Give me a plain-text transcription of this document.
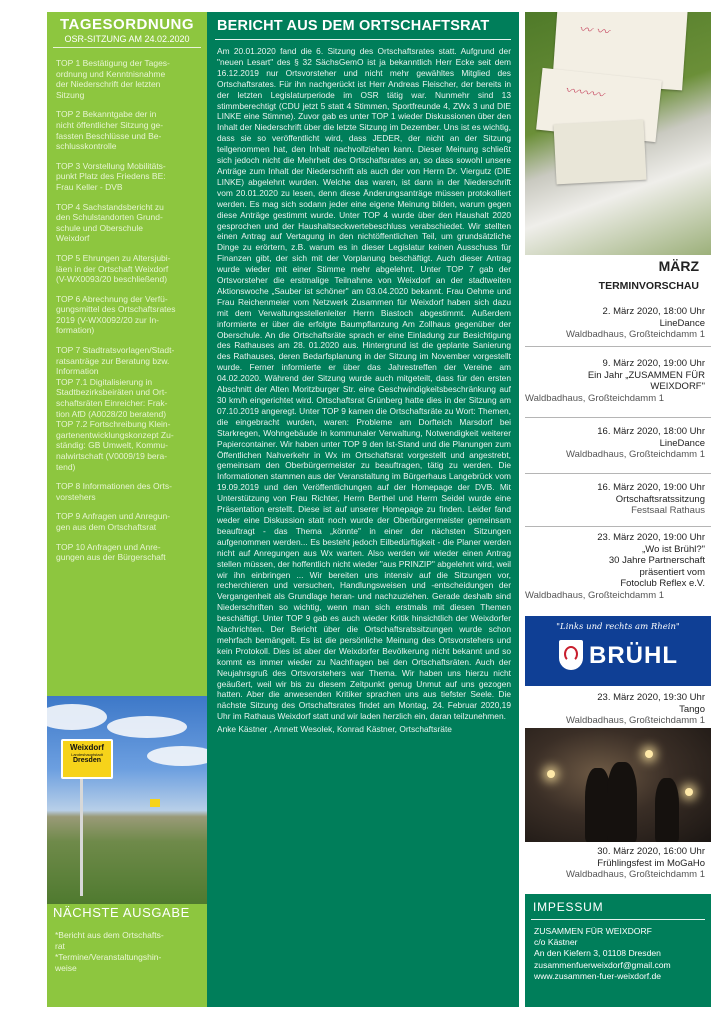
TAGESORDNUNG
OSR-SITZUNG AM 24.02.2020
TOP 1 Bestätigung der Tages-
ordnung und Kenntnisnahme
der Niederschrift der letzten
Sitzung
TOP 2 Bekanntgabe der in
nicht öffentlicher Sitzung ge-
fassten Beschlüsse und Be-
schlusskontrolle
TOP 3 Vorstellung Mobilitäts-
punkt Platz des Friedens BE:
Frau Keller - DVB
TOP 4 Sachstandsbericht zu
den Schulstandorten Grund-
schule und Oberschule
Weixdorf
TOP 5 Ehrungen zu Altersjubi-
läen in der Ortschaft Weixdorf
(V-WX0093/20 beschließend)
TOP 6 Abrechnung der Verfü-
gungsmittel des Ortschaftsrates
2019 (V-WX0092/20 zur In-
formation)
TOP 7 Stadtratsvorlagen/Stadt-
ratsanträge zur Beratung bzw.
Information
TOP 7.1 Digitalisierung in
Stadtbezirksbeiräten und Ort-
schaftsräten Einreicher: Frak-
tion AfD (A0028/20 beratend)
TOP 7.2 Fortschreibung Klein-
gartenentwicklungskonzept Zu-
ständig: GB Umwelt, Kommu-
nalwirtschaft (V0009/19 bera-
tend)
TOP 8 Informationen des Orts-
vorstehers
TOP 9 Anfragen und Anregun-
gen aus dem Ortschaftsrat
TOP 10 Anfragen und Anre-
gungen aus der Bürgerschaft
Weixdorf
Landeshauptstadt
Dresden
NÄCHSTE AUSGABE
*Bericht aus dem Ortschafts-
rat
*Termine/Veranstaltungshin-
weise
BERICHT AUS DEM ORTSCHAFTSRAT
Am 20.01.2020 fand die 6. Sitzung des Ortschaftsrates statt. Aufgrund der "neuen Lesart" des § 32 SächsGemO ist ja bekanntlich Herr Ecke seit dem 16.12.2019 nur Ortsvorsteher und nicht mehr gewähltes Mitglied des Ortschaftsrates. Für ihn nachgerückt ist Herr Andreas Fleischer, der bereits in der letzten Legislaturperiode im OSR tätig war. Nunmehr sind 13 stimmberechtigt (CDU jetzt 5 statt 4 Stimmen, Sportfreunde 4, ZWx 3 und DIE LINKE eine Stimme). Zuvor gab es unter TOP 1 wieder Diskussionen über den Inhalt der Niederschrift über die letzte Sitzung im Dezember. Uns ist es wichtig, dass sie so veröffentlicht wird, dass JEDER, der nicht an der Sitzung teilgenommen hat, den Inhalt nachvollziehen kann. Dieser Meinung schließt sich jedoch nicht die Mehrheit des Ortschaftsrates an, so dass sowohl unsere Anträge zum Inhalt der Niederschrift als auch der von Herrn Dr. Viergutz (DIE LINKE) abgelehnt wurden. Welche das waren, ist dann in der Niederschrift vom 20.01.2020 zu lesen, denn diese Änderungsanträge müssen protokolliert werden. Es mag sich sodann jeder eine eigene Meinung bilden, warum gegen diese Anträge gestimmt wurde. Unter TOP 4 wurde über den Haushalt 2020 gesprochen und der Haushaltseckwertebeschluss verabschiedet. Wir stellten einen Antrag auf Vertagung in den nichtöffentlichen Teil, um grundsätzliche Dinge zu erörtern, z.B. warum es in dieser Legislatur keinen Ausschuss für Finanzen gibt, der sich mit der Vorplanung beschäftigt. Auch dieser Antrag wurde wieder mit einer Stimme mehr abgelehnt. Unter TOP 7 gab der Ortsvorsteher die erstmalige Teilnahme von Weixdorf an der stadtweiten Aktionswoche „Sauber ist schöner" am 03.04.2020 bekannt. Frau Oehme und Frau Reichenmeier vom Netzwerk Zusammen für Weixdorf haben sich dazu mit dem Verwaltungsstellenleiter Herrn Biastoch abgestimmt. Außerdem informierte er über die erfolgte Baumpflanzung Am Zollhaus gegenüber der Oberschule. An die Ortschaftsräte sprach er eine Einladung zur Besichtigung des Rathauses am 28. 01.2020 aus. Hintergrund ist die geplante Sanierung des Rathauses, deren Bedarfsplanung in der Sitzung im November vorgestellt wurde. Ferner informierte er über das Jahrestreffen der Vereine am 04.02.2020. Während der Sitzung wurde auch mitgeteilt, dass für den ersten Abschnitt der Alten Moritzburger Str. eine Geschwindigkeitsbeschränkung auf 30 km/h eingerichtet wird. Ortschaftsrat Grünberg hatte dies in der Sitzung am 07.10.2019 angeregt. Unter TOP 9 kamen die Ortschaftsräte zu Wort: Themen, die eingebracht wurden, waren: Probleme am Dorfteich Marsdorf bei Starkregen, Wohngebäude in kommunaler Verwaltung, Notwendigkeit weiterer Papiercontainer. Wir haben unter TOP 9 den Ist-Stand und die Planungen zum Öffentlichen Nahverkehr in Wx im Ortschaftsrat vorgestellt und angestrebt, gemeinsam den Oberbürgermeister zu beauftragen, tätig zu werden. Die Informationen stammen aus der Veranstaltung im Bürgerhaus Langebrück vom 19.09.2019 und den Veröffentlichungen auf der Homepage der DVB. Mit Unterstützung von Frau Richter, Herrn Berthel und Herrn Seidel wurde eine Präsentation erstellt. Diese ist auf unserer Homepage zu finden. Leider fand weder eine Diskussion statt noch wurde der Oberbürgermeister gemeinsam beauftragt - das Thema „könnte" in einer der nächsten Sitzungen aufgenommen werden... Es besteht jedoch Eilbedürftigkeit - die Planer werden nicht auf Anregungen aus Wx warten. Also werden wir wieder einen Antrag stellen müssen, der hoffentlich nicht wieder "aus PRINZIP" abgelehnt wird, weil wir ihn einbringen ... Wir bereiten uns intensiv auf die Sitzungen vor, recherchieren und versuchen, Handlungsweisen und -entscheidungen der Vergangenheit als Grundlage heran- und nachzuziehen. Gerade deshalb sind Niederschriften so wichtig, wenn man sich erstmals mit diesen Themen beschäftigt. Unter TOP 9 gab es auch wieder Kritik hinsichtlich der Weixdorfer Nachrichten. Der Bericht über die Ortschaftsratssitzungen wurde schon mehrfach bemängelt. Es ist die persönliche Meinung des Ortsvorstehers und kein Protokoll. Dies ist aber der Weixdorfer Bevölkerung nicht bekannt und so kommt es immer wieder zu Nachfragen bei den Ortschaftsräten. Auch der Neujahrsgruß des Ortsvorstehers war Thema. Wir haben uns hierzu nicht geäußert, weil wir bis zu diesem Zeitpunkt genug Unmut auf uns gezogen hatten. Aber die anwesenden Kritiker sprachen uns aus tiefster Seele. Die nächste Sitzung des Ortschaftsrates findet am Montag, 24. Februar 2020,19 Uhr im Rathaus Weixdorf statt und wir laden herzlich ein, daran teilzunehmen.
Anke Kästner , Annett Wesolek, Konrad Kästner, Ortschaftsräte
〰 〰
〰〰〰
MÄRZ
TERMINVORSCHAU
2. März 2020, 18:00 Uhr
LineDance
Waldbadhaus, Großteichdamm 1
9. März 2020, 19:00 Uhr
Ein Jahr „ZUSAMMEN FÜR
WEIXDORF"
Waldbadhaus, Großteichdamm 1
16. März 2020, 18:00 Uhr
LineDance
Waldbadhaus, Großteichdamm 1
16. März 2020, 19:00 Uhr
Ortschaftsratssitzung
Festsaal Rathaus
23. März 2020, 19:00 Uhr
„Wo ist Brühl?"
30 Jahre Partnerschaft
präsentiert vom
Fotoclub Reflex e.V.
Waldbadhaus, Großteichdamm 1
"Links und rechts am Rhein"
BRÜHL
23. März 2020, 19:30 Uhr
Tango
Waldbadhaus, Großteichdamm 1
30. März 2020, 16:00 Uhr
Frühlingsfest im MoGaHo
Waldbadhaus, Großteichdamm 1
IMPESSUM
ZUSAMMEN FÜR WEIXDORF
c/o Kästner
An den Kiefern 3, 01108 Dresden
zusammenfuerweixdorf@gmail.com
www.zusammen-fuer-weixdorf.de
